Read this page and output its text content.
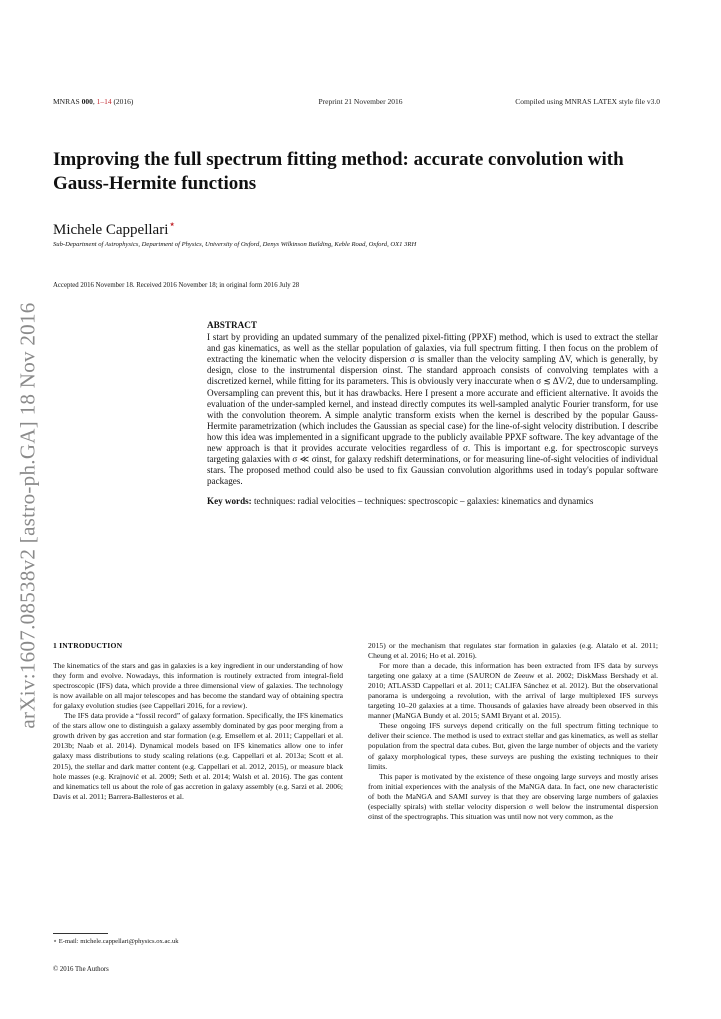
MNRAS 000, 1–14 (2016)	Preprint 21 November 2016	Compiled using MNRAS LATEX style file v3.0
arXiv:1607.08538v2 [astro-ph.GA] 18 Nov 2016
Improving the full spectrum fitting method: accurate convolution with Gauss-Hermite functions
Michele Cappellari⋆
Sub-Department of Astrophysics, Department of Physics, University of Oxford, Denys Wilkinson Building, Keble Road, Oxford, OX1 3RH
Accepted 2016 November 18. Received 2016 November 18; in original form 2016 July 28
ABSTRACT
I start by providing an updated summary of the penalized pixel-fitting (PPXF) method, which is used to extract the stellar and gas kinematics, as well as the stellar population of galaxies, via full spectrum fitting. I then focus on the problem of extracting the kinematic when the velocity dispersion σ is smaller than the velocity sampling ΔV, which is generally, by design, close to the instrumental dispersion σinst. The standard approach consists of convolving templates with a discretized kernel, while fitting for its parameters. This is obviously very inaccurate when σ ≲ ΔV/2, due to undersampling. Oversampling can prevent this, but it has drawbacks. Here I present a more accurate and efficient alternative. It avoids the evaluation of the under-sampled kernel, and instead directly computes its well-sampled analytic Fourier transform, for use with the convolution theorem. A simple analytic transform exists when the kernel is described by the popular Gauss-Hermite parametrization (which includes the Gaussian as special case) for the line-of-sight velocity distribution. I describe how this idea was implemented in a significant upgrade to the publicly available PPXF software. The key advantage of the new approach is that it provides accurate velocities regardless of σ. This is important e.g. for spectroscopic surveys targeting galaxies with σ ≪ σinst, for galaxy redshift determinations, or for measuring line-of-sight velocities of individual stars. The proposed method could also be used to fix Gaussian convolution algorithms used in today's popular software packages.
Key words: techniques: radial velocities – techniques: spectroscopic – galaxies: kinematics and dynamics

1 INTRODUCTION

The kinematics of the stars and gas in galaxies is a key ingredient in our understanding of how they form and evolve. Nowadays, this information is routinely extracted from integral-field spectroscopic (IFS) data, which provide a three dimensional view of galaxies. The technology is now available on all major telescopes and has become the standard way of obtaining spectra for galaxy evolution studies (see Cappellari 2016, for a review).

The IFS data provide a “fossil record” of galaxy formation. Specifically, the IFS kinematics of the stars allow one to distinguish a galaxy assembly dominated by gas poor merging from a growth driven by gas accretion and star formation (e.g. Emsellem et al. 2011; Cappellari et al. 2013b; Naab et al. 2014). Dynamical models based on IFS kinematics allow one to infer galaxy mass distributions to study scaling relations (e.g. Cappellari et al. 2013a; Scott et al. 2015), the stellar and dark matter content (e.g. Cappellari et al. 2012, 2015), or measure black hole masses (e.g. Krajnović et al. 2009; Seth et al. 2014; Walsh et al. 2016). The gas content and kinematics tell us about the role of gas accretion in galaxy assembly (e.g. Sarzi et al. 2006; Davis et al. 2011; Barrera-Ballesteros et al.

2015) or the mechanism that regulates star formation in galaxies (e.g. Alatalo et al. 2011; Cheung et al. 2016; Ho et al. 2016).

For more than a decade, this information has been extracted from IFS data by surveys targeting one galaxy at a time (SAURON de Zeeuw et al. 2002; DiskMass Bershady et al. 2010; ATLAS3D Cappellari et al. 2011; CALIFA Sánchez et al. 2012). But the observational panorama is undergoing a revolution, with the arrival of large multiplexed IFS surveys targeting 10–20 galaxies at a time. Thousands of galaxies have already been observed in this manner (MaNGA Bundy et al. 2015; SAMI Bryant et al. 2015).

These ongoing IFS surveys depend critically on the full spectrum fitting technique to deliver their science. The method is used to extract stellar and gas kinematics, as well as stellar population from the spectral data cubes. But, given the large number of objects and the variety of galaxy morphological types, these surveys are pushing the existing techniques to their limits.

This paper is motivated by the existence of these ongoing large surveys and mostly arises from initial experiences with the analysis of the MaNGA data. In fact, one new characteristic of both the MaNGA and SAMI survey is that they are observing large numbers of galaxies (especially spirals) with stellar velocity dispersion σ well below the instrumental dispersion σinst of the spectrographs. This situation was until now not very common, as the

⋆ E-mail: michele.cappellari@physics.ox.ac.uk
© 2016 The Authors
